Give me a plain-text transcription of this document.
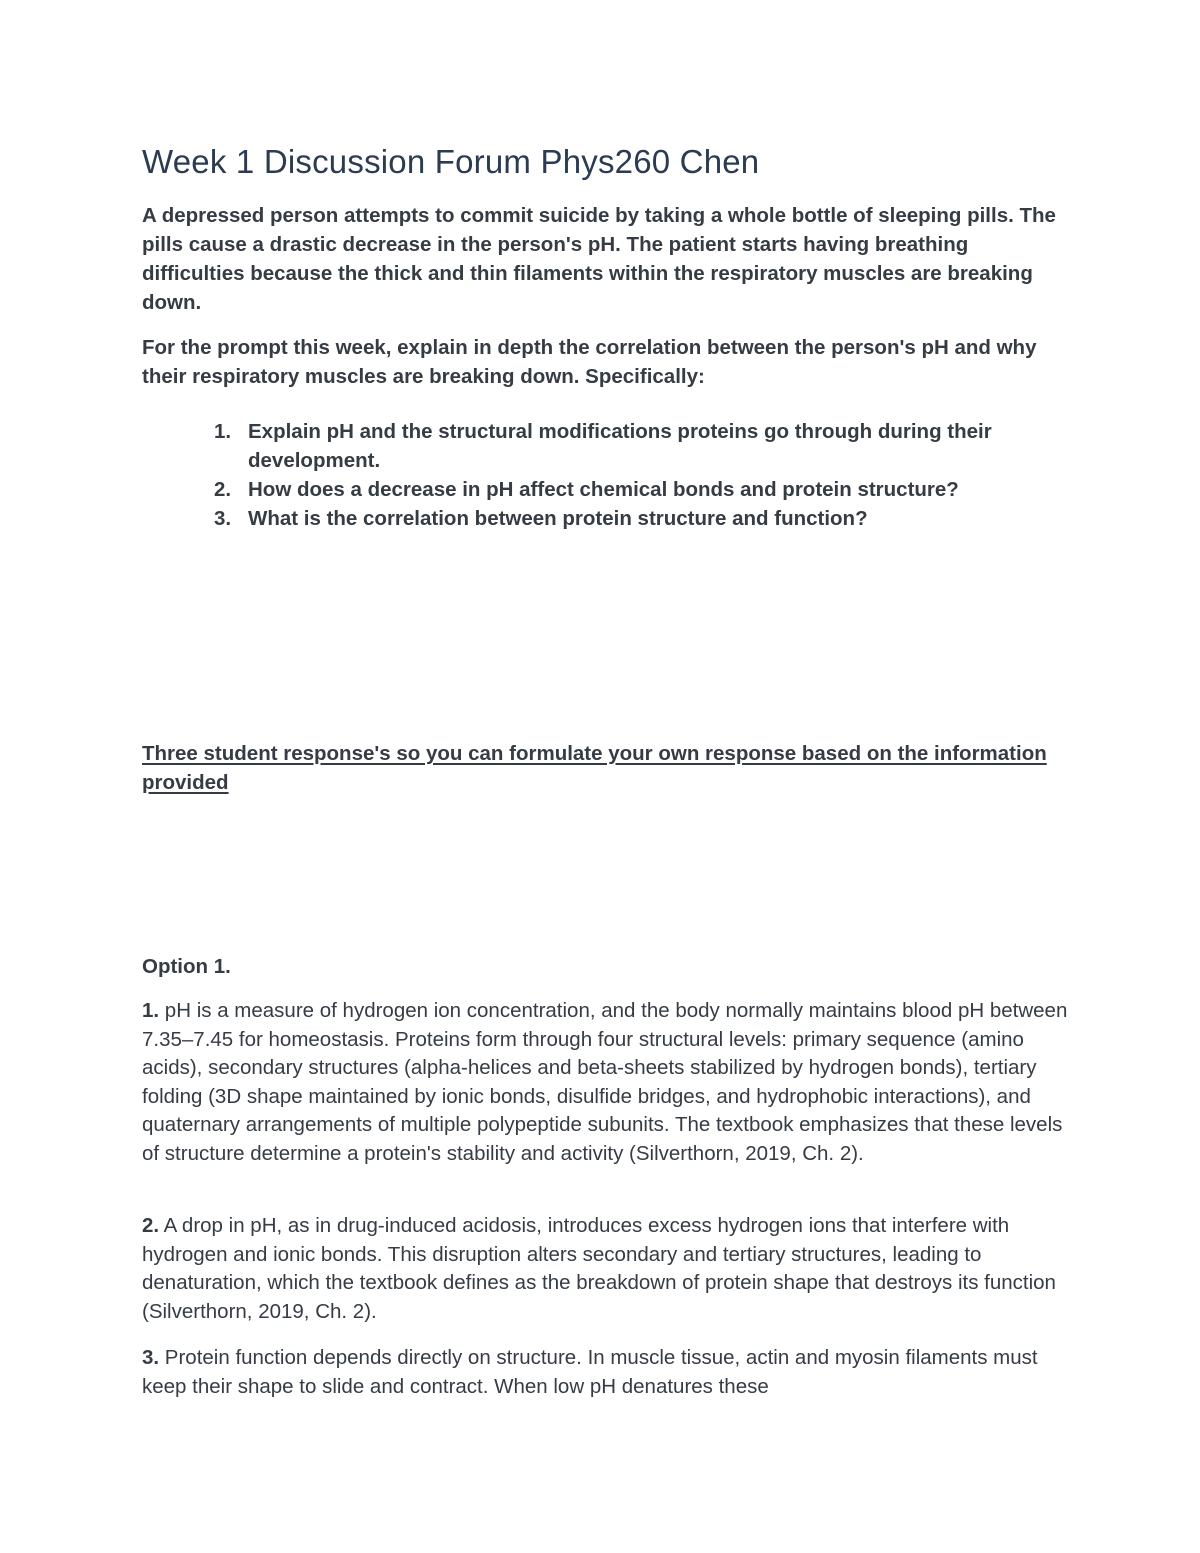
Week 1 Discussion Forum Phys260 Chen

A depressed person attempts to commit suicide by taking a whole bottle of sleeping pills. The pills cause a drastic decrease in the person's pH. The patient starts having breathing difficulties because the thick and thin filaments within the respiratory muscles are breaking down.

For the prompt this week, explain in depth the correlation between the person's pH and why their respiratory muscles are breaking down. Specifically:

1. Explain pH and the structural modifications proteins go through during their development.
2. How does a decrease in pH affect chemical bonds and protein structure?
3. What is the correlation between protein structure and function?

Three student response's so you can formulate your own response based on the information provided

Option 1.

1. pH is a measure of hydrogen ion concentration, and the body normally maintains blood pH between 7.35–7.45 for homeostasis. Proteins form through four structural levels: primary sequence (amino acids), secondary structures (alpha-helices and beta-sheets stabilized by hydrogen bonds), tertiary folding (3D shape maintained by ionic bonds, disulfide bridges, and hydrophobic interactions), and quaternary arrangements of multiple polypeptide subunits. The textbook emphasizes that these levels of structure determine a protein's stability and activity (Silverthorn, 2019, Ch. 2).

2. A drop in pH, as in drug-induced acidosis, introduces excess hydrogen ions that interfere with hydrogen and ionic bonds. This disruption alters secondary and tertiary structures, leading to denaturation, which the textbook defines as the breakdown of protein shape that destroys its function (Silverthorn, 2019, Ch. 2).

3. Protein function depends directly on structure. In muscle tissue, actin and myosin filaments must keep their shape to slide and contract. When low pH denatures these
